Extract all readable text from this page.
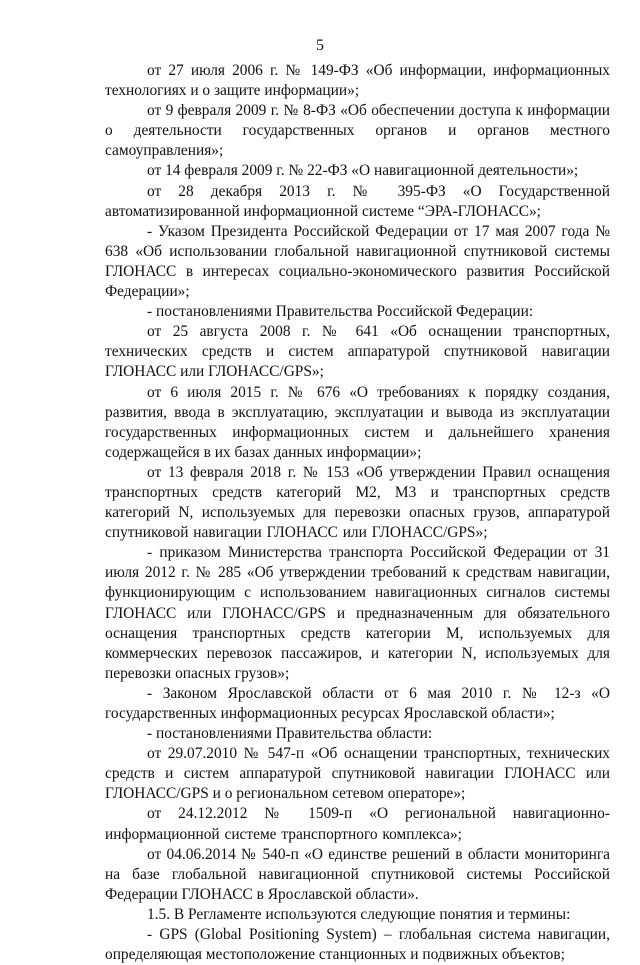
5

от 27 июля 2006 г. № 149-ФЗ «Об информации, информационных технологиях и о защите информации»;

от 9 февраля 2009 г. № 8-ФЗ «Об обеспечении доступа к информации о деятельности государственных органов и органов местного самоуправления»;

от 14 февраля 2009 г. № 22-ФЗ «О навигационной деятельности»;

от 28 декабря 2013 г. № 395-ФЗ «О Государственной автоматизированной информационной системе “ЭРА-ГЛОНАСС»;

- Указом Президента Российской Федерации от 17 мая 2007 года № 638 «Об использовании глобальной навигационной спутниковой системы ГЛОНАСС в интересах социально-экономического развития Российской Федерации»;

- постановлениями Правительства Российской Федерации:

от 25 августа 2008 г. № 641 «Об оснащении транспортных, технических средств и систем аппаратурой спутниковой навигации ГЛОНАСС или ГЛОНАСС/GPS»;

от 6 июля 2015 г. № 676 «О требованиях к порядку создания, развития, ввода в эксплуатацию, эксплуатации и вывода из эксплуатации государственных информационных систем и дальнейшего хранения содержащейся в их базах данных информации»;

от 13 февраля 2018 г. № 153 «Об утверждении Правил оснащения транспортных средств категорий М2, М3 и транспортных средств категорий N, используемых для перевозки опасных грузов, аппаратурой спутниковой навигации ГЛОНАСС или ГЛОНАСС/GPS»;

- приказом Министерства транспорта Российской Федерации от 31 июля 2012 г. № 285 «Об утверждении требований к средствам навигации, функционирующим с использованием навигационных сигналов системы ГЛОНАСС или ГЛОНАСС/GPS и предназначенным для обязательного оснащения транспортных средств категории М, используемых для коммерческих перевозок пассажиров, и категории N, используемых для перевозки опасных грузов»;

- Законом Ярославской области от 6 мая 2010 г. № 12-з «О государственных информационных ресурсах Ярославской области»;

- постановлениями Правительства области:

от 29.07.2010 № 547-п «Об оснащении транспортных, технических средств и систем аппаратурой спутниковой навигации ГЛОНАСС или ГЛОНАСС/GPS и о региональном сетевом операторе»;

от 24.12.2012 № 1509-п «О региональной навигационно-информационной системе транспортного комплекса»;

от 04.06.2014 № 540-п «О единстве решений в области мониторинга на базе глобальной навигационной спутниковой системы Российской Федерации ГЛОНАСС в Ярославской области».

1.5. В Регламенте используются следующие понятия и термины:

- GPS (Global Positioning System) – глобальная система навигации, определяющая местоположение станционных и подвижных объектов;
